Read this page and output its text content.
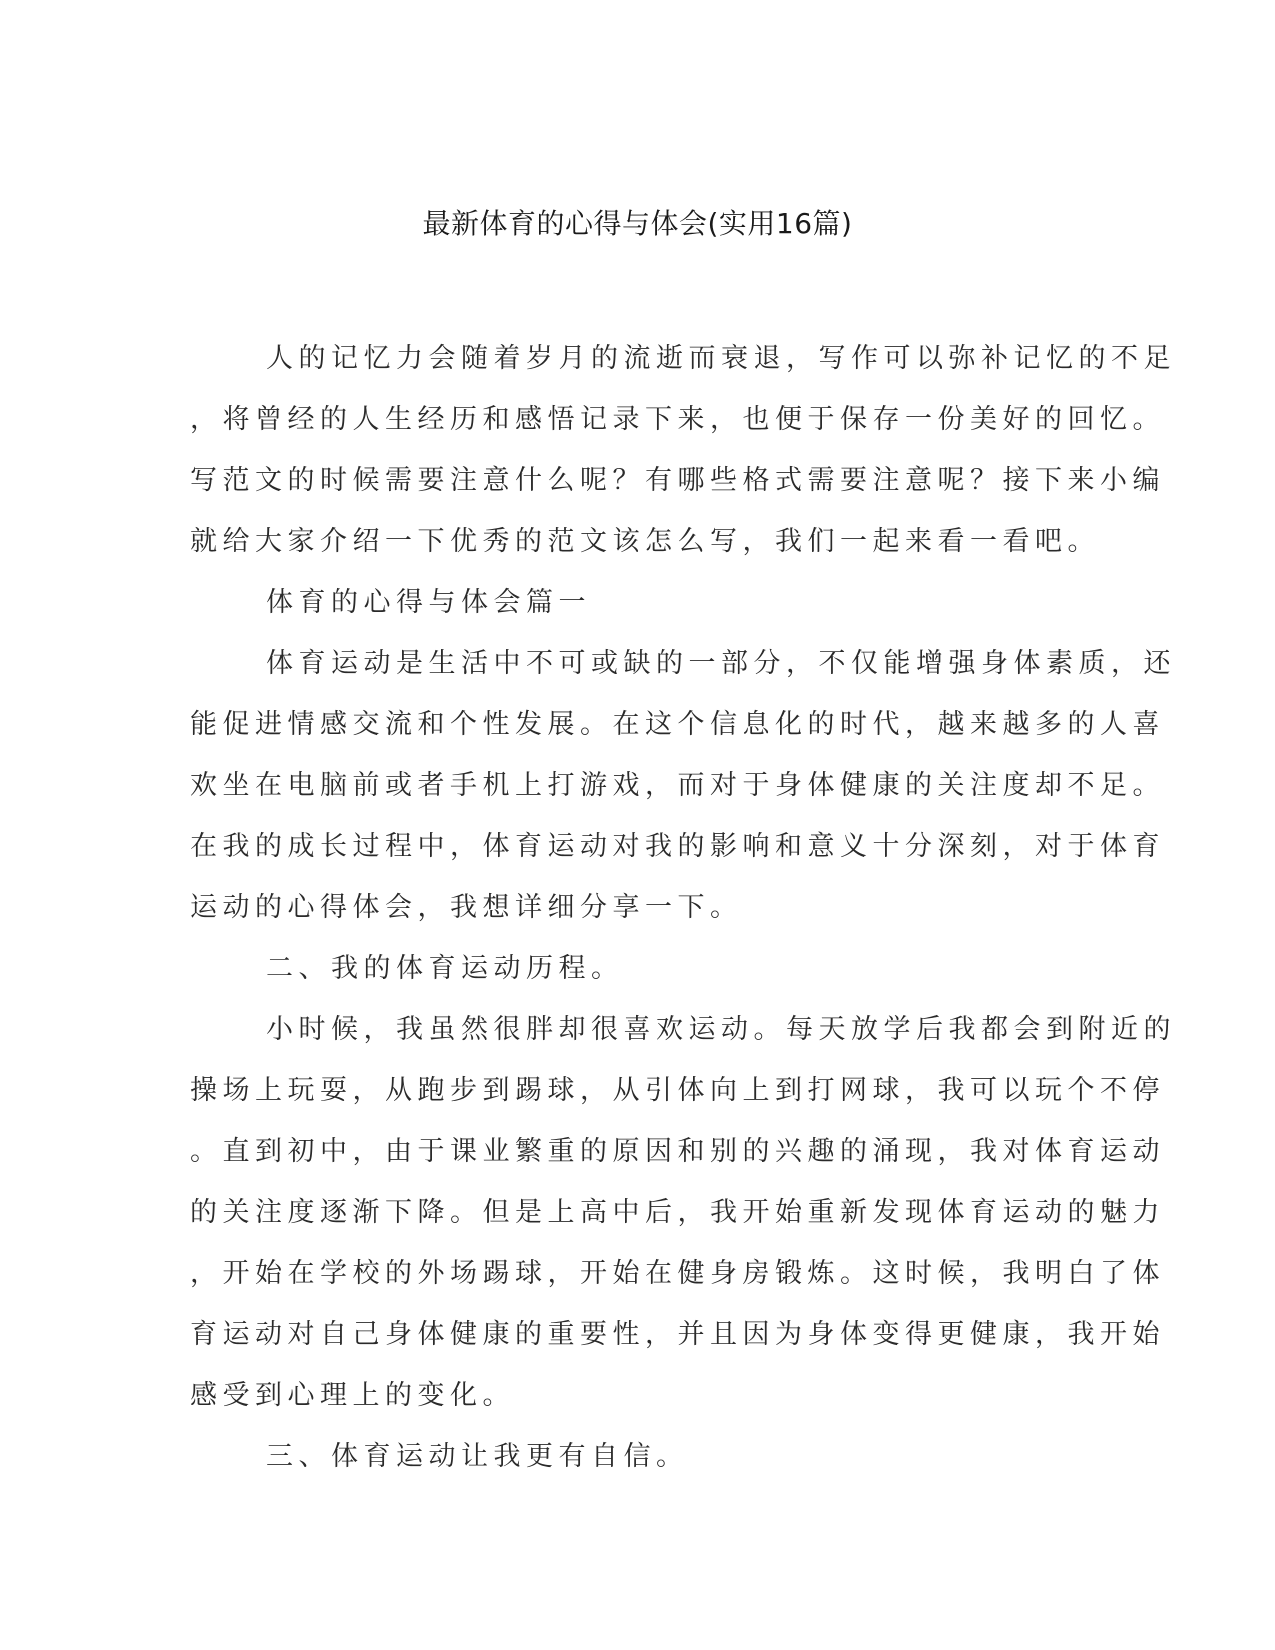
最新体育的心得与体会(实用16篇)
人的记忆力会随着岁月的流逝而衰退，写作可以弥补记忆的不足
，将曾经的人生经历和感悟记录下来，也便于保存一份美好的回忆。
写范文的时候需要注意什么呢？有哪些格式需要注意呢？接下来小编
就给大家介绍一下优秀的范文该怎么写，我们一起来看一看吧。
体育的心得与体会篇一
体育运动是生活中不可或缺的一部分，不仅能增强身体素质，还
能促进情感交流和个性发展。在这个信息化的时代，越来越多的人喜
欢坐在电脑前或者手机上打游戏，而对于身体健康的关注度却不足。
在我的成长过程中，体育运动对我的影响和意义十分深刻，对于体育
运动的心得体会，我想详细分享一下。
二、我的体育运动历程。
小时候，我虽然很胖却很喜欢运动。每天放学后我都会到附近的
操场上玩耍，从跑步到踢球，从引体向上到打网球，我可以玩个不停
。直到初中，由于课业繁重的原因和别的兴趣的涌现，我对体育运动
的关注度逐渐下降。但是上高中后，我开始重新发现体育运动的魅力
，开始在学校的外场踢球，开始在健身房锻炼。这时候，我明白了体
育运动对自己身体健康的重要性，并且因为身体变得更健康，我开始
感受到心理上的变化。
三、体育运动让我更有自信。
